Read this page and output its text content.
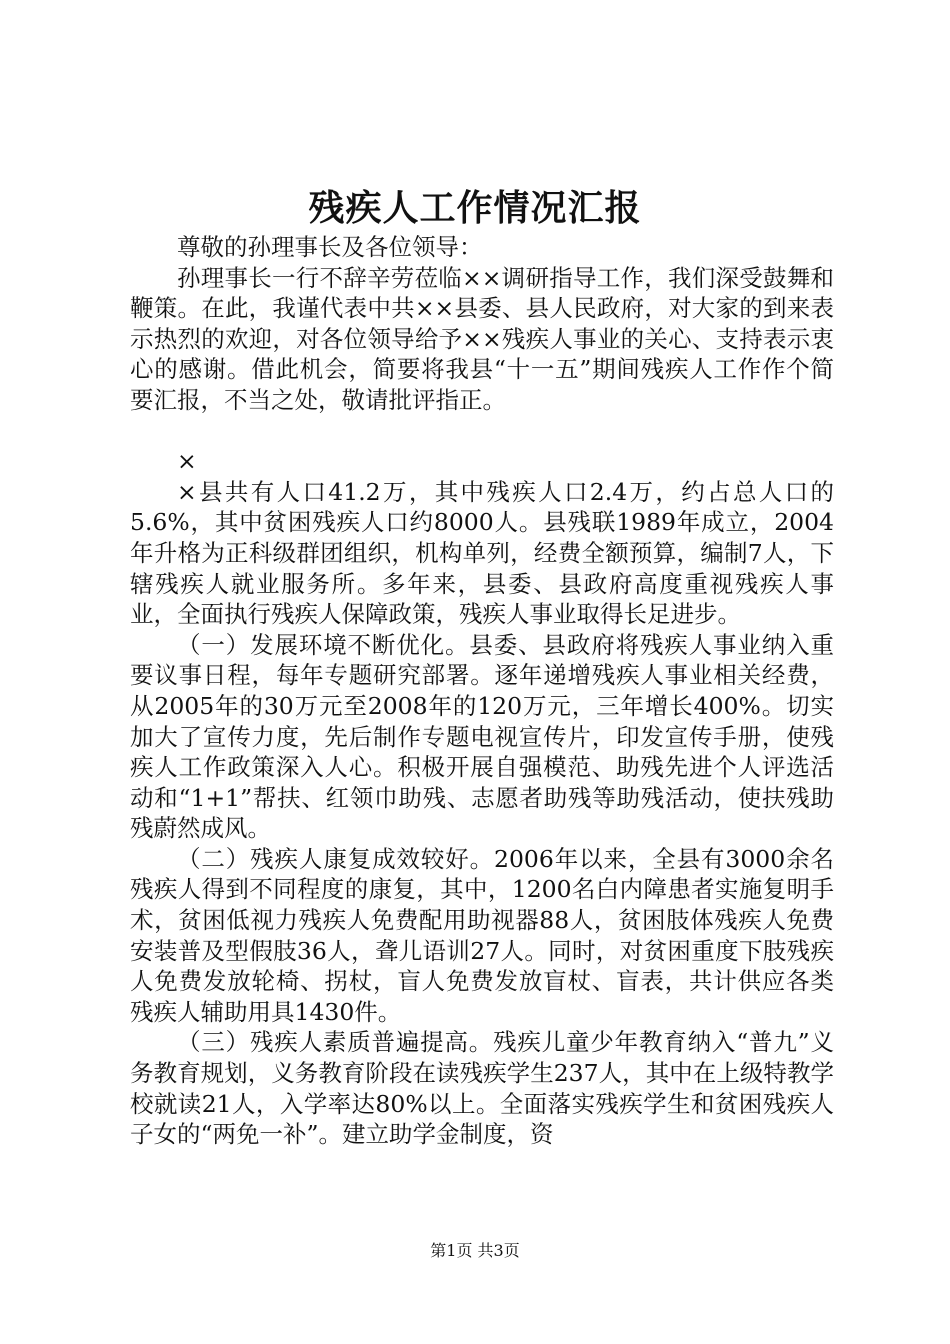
残疾人工作情况汇报

尊敬的孙理事长及各位领导：

孙理事长一行不辞辛劳莅临××调研指导工作，我们深受鼓舞和鞭策。在此，我谨代表中共××县委、县人民政府，对大家的到来表示热烈的欢迎，对各位领导给予××残疾人事业的关心、支持表示衷心的感谢。借此机会，简要将我县“十一五”期间残疾人工作作个简要汇报，不当之处，敬请批评指正。

×

×县共有人口41.2万，其中残疾人口2.4万，约占总人口的5.6%，其中贫困残疾人口约8000人。县残联1989年成立，2004年升格为正科级群团组织，机构单列，经费全额预算，编制7人，下辖残疾人就业服务所。多年来，县委、县政府高度重视残疾人事业，全面执行残疾人保障政策，残疾人事业取得长足进步。

（一）发展环境不断优化。县委、县政府将残疾人事业纳入重要议事日程，每年专题研究部署。逐年递增残疾人事业相关经费，从2005年的30万元至2008年的120万元，三年增长400%。切实加大了宣传力度，先后制作专题电视宣传片，印发宣传手册，使残疾人工作政策深入人心。积极开展自强模范、助残先进个人评选活动和“1+1”帮扶、红领巾助残、志愿者助残等助残活动，使扶残助残蔚然成风。

（二）残疾人康复成效较好。2006年以来，全县有3000余名残疾人得到不同程度的康复，其中，1200名白内障患者实施复明手术，贫困低视力残疾人免费配用助视器88人，贫困肢体残疾人免费安装普及型假肢36人，聋儿语训27人。同时，对贫困重度下肢残疾人免费发放轮椅、拐杖，盲人免费发放盲杖、盲表，共计供应各类残疾人辅助用具1430件。

（三）残疾人素质普遍提高。残疾儿童少年教育纳入“普九”义务教育规划，义务教育阶段在读残疾学生237人，其中在上级特教学校就读21人，入学率达80%以上。全面落实残疾学生和贫困残疾人子女的“两免一补”。建立助学金制度，资

第1页 共3页
